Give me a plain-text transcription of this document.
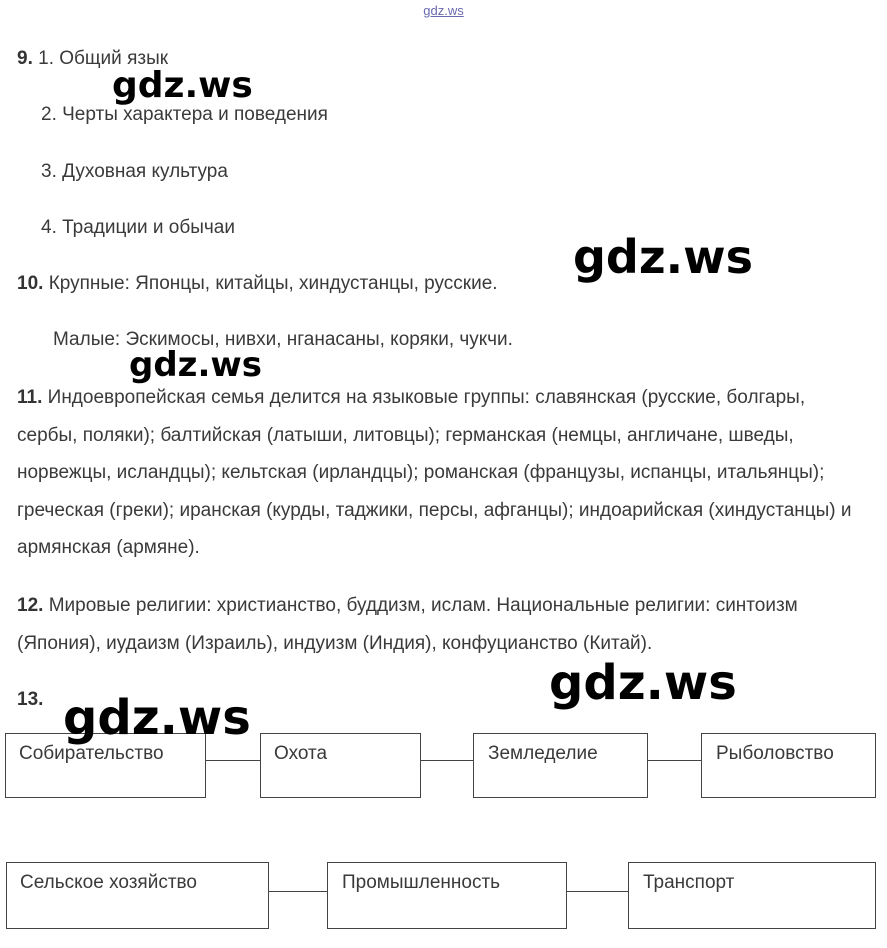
gdz.ws
9. 1. Общий язык
2. Черты характера и поведения
3. Духовная культура
4. Традиции и обычаи
10. Крупные: Японцы, китайцы, хиндустанцы, русские.
Малые: Эскимосы, нивхи, нганасаны, коряки, чукчи.
11. Индоевропейская семья делится на языковые группы: славянская (русские, болгары, сербы, поляки); балтийская (латыши, литовцы); германская (немцы, англичане, шведы, норвежцы, исландцы); кельтская (ирландцы); романская (французы, испанцы, итальянцы); греческая (греки); иранская (курды, таджики, персы, афганцы); индоарийская (хиндустанцы) и армянская (армяне).
12. Мировые религии: христианство, буддизм, ислам. Национальные религии: синтоизм (Япония), иудаизм (Израиль), индуизм (Индия), конфуцианство (Китай).
13.
Собирательство	Охота	Земледелие	Рыболовство
Сельское хозяйство	Промышленность	Транспорт
gdz.ws
gdz.ws
gdz.ws
gdz.ws
gdz.ws
